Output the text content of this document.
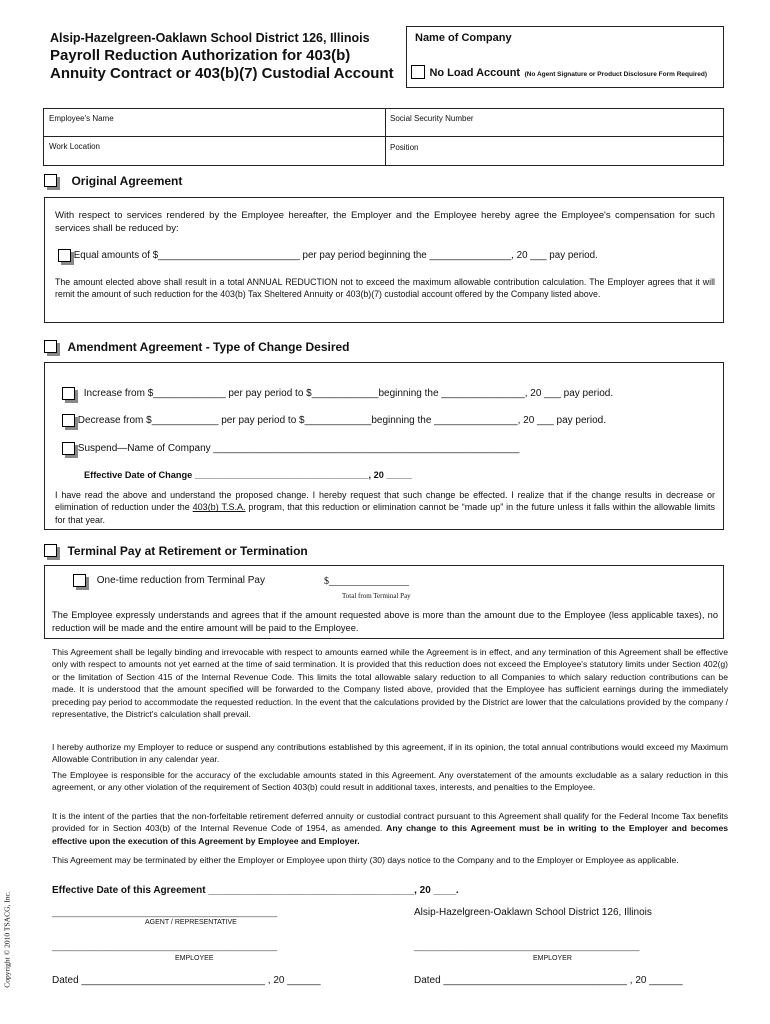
Alsip-Hazelgreen-Oaklawn School District 126, Illinois
Payroll Reduction Authorization for 403(b)
Annuity Contract or 403(b)(7) Custodial Account
Name of Company
No Load Account (No Agent Signature or Product Disclosure Form Required)
Employee's Name	Social Security Number
Work Location	Position
Original Agreement
With respect to services rendered by the Employee hereafter, the Employer and the Employee hereby agree the Employee's compensation for such services shall be reduced by:
Equal amounts of $__________________________ per pay period beginning the _______________, 20 ___ pay period.
The amount elected above shall result in a total ANNUAL REDUCTION not to exceed the maximum allowable contribution calculation. The Employer agrees that it will remit the amount of such reduction for the 403(b) Tax Sheltered Annuity or 403(b)(7) custodial account offered by the Company listed above.
Amendment Agreement - Type of Change Desired
Increase from $_____________ per pay period to $____________beginning the _______________, 20 ___ pay period.
Decrease from $____________ per pay period to $____________beginning the _______________, 20 ___ pay period.
Suspend—Name of Company _______________________________________________________
Effective Date of Change __________________________________, 20 _____
I have read the above and understand the proposed change. I hereby request that such change be effected. I realize that if the change results in decrease or elimination of reduction under the 403(b) T.S.A. program, that this reduction or elimination cannot be “made up” in the future unless it falls within the allowable limits for that year.
Terminal Pay at Retirement or Termination
One-time reduction from Terminal Pay	$________________
Total from Terminal Pay
The Employee expressly understands and agrees that if the amount requested above is more than the amount due to the Employee (less applicable taxes), no reduction will be made and the entire amount will be paid to the Employee.
This Agreement shall be legally binding and irrevocable with respect to amounts earned while the Agreement is in effect, and any termination of this Agreement shall be effective only with respect to amounts not yet earned at the time of said termination. It is provided that this reduction does not exceed the Employee's statutory limits under Section 402(g) or the limitation of Section 415 of the Internal Revenue Code. This limits the total allowable salary reduction to all Companies to which salary reduction contributions can be made. It is understood that the amount specified will be forwarded to the Company listed above, provided that the Employee has sufficient earnings during the immediately preceding pay period to accommodate the requested reduction. In the event that the calculations provided by the District are lower that the calculations provided by the company / representative, the District's calculation shall prevail.
I hereby authorize my Employer to reduce or suspend any contributions established by this agreement, if in its opinion, the total annual contributions would exceed my Maximum Allowable Contribution in any calendar year.
The Employee is responsible for the accuracy of the excludable amounts stated in this Agreement. Any overstatement of the amounts excludable as a salary reduction in this agreement, or any other violation of the requirement of Section 403(b) could result in additional taxes, interests, and penalties to the Employee.
It is the intent of the parties that the non-forfeitable retirement deferred annuity or custodial contract pursuant to this Agreement shall qualify for the Federal Income Tax benefits provided for in Section 403(b) of the Internal Revenue Code of 1954, as amended. Any change to this Agreement must be in writing to the Employer and becomes effective upon the execution of this Agreement by Employee and Employer.
This Agreement may be terminated by either the Employer or Employee upon thirty (30) days notice to the Company and to the Employer or Employee as applicable.
Effective Date of this Agreement _____________________________________, 20 ____.
_____________________________________________
AGENT / REPRESENTATIVE
Alsip-Hazelgreen-Oaklawn School District 126, Illinois
_____________________________________________
EMPLOYEE
_____________________________________________
EMPLOYER
Dated _________________________________ , 20 ______	Dated _________________________________ , 20 ______
Copyright © 2010 TSACG, Inc.
